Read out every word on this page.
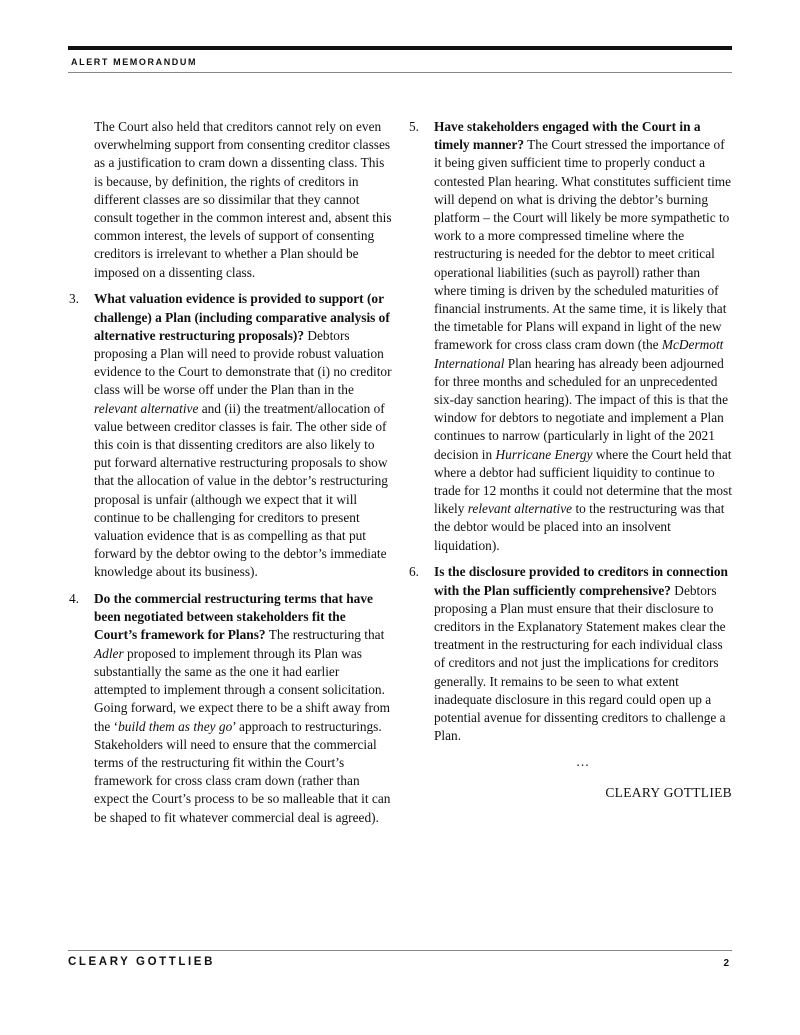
ALERT MEMORANDUM

The Court also held that creditors cannot rely on even overwhelming support from consenting creditor classes as a justification to cram down a dissenting class. This is because, by definition, the rights of creditors in different classes are so dissimilar that they cannot consult together in the common interest and, absent this common interest, the levels of support of consenting creditors is irrelevant to whether a Plan should be imposed on a dissenting class.

3. What valuation evidence is provided to support (or challenge) a Plan (including comparative analysis of alternative restructuring proposals)? Debtors proposing a Plan will need to provide robust valuation evidence to the Court to demonstrate that (i) no creditor class will be worse off under the Plan than in the relevant alternative and (ii) the treatment/allocation of value between creditor classes is fair. The other side of this coin is that dissenting creditors are also likely to put forward alternative restructuring proposals to show that the allocation of value in the debtor’s restructuring proposal is unfair (although we expect that it will continue to be challenging for creditors to present valuation evidence that is as compelling as that put forward by the debtor owing to the debtor’s immediate knowledge about its business).

4. Do the commercial restructuring terms that have been negotiated between stakeholders fit the Court’s framework for Plans? The restructuring that Adler proposed to implement through its Plan was substantially the same as the one it had earlier attempted to implement through a consent solicitation. Going forward, we expect there to be a shift away from the ‘build them as they go’ approach to restructurings. Stakeholders will need to ensure that the commercial terms of the restructuring fit within the Court’s framework for cross class cram down (rather than expect the Court’s process to be so malleable that it can be shaped to fit whatever commercial deal is agreed).

5. Have stakeholders engaged with the Court in a timely manner? The Court stressed the importance of it being given sufficient time to properly conduct a contested Plan hearing. What constitutes sufficient time will depend on what is driving the debtor’s burning platform – the Court will likely be more sympathetic to work to a more compressed timeline where the restructuring is needed for the debtor to meet critical operational liabilities (such as payroll) rather than where timing is driven by the scheduled maturities of financial instruments. At the same time, it is likely that the timetable for Plans will expand in light of the new framework for cross class cram down (the McDermott International Plan hearing has already been adjourned for three months and scheduled for an unprecedented six-day sanction hearing). The impact of this is that the window for debtors to negotiate and implement a Plan continues to narrow (particularly in light of the 2021 decision in Hurricane Energy where the Court held that where a debtor had sufficient liquidity to continue to trade for 12 months it could not determine that the most likely relevant alternative to the restructuring was that the debtor would be placed into an insolvent liquidation).

6. Is the disclosure provided to creditors in connection with the Plan sufficiently comprehensive? Debtors proposing a Plan must ensure that their disclosure to creditors in the Explanatory Statement makes clear the treatment in the restructuring for each individual class of creditors and not just the implications for creditors generally. It remains to be seen to what extent inadequate disclosure in this regard could open up a potential avenue for dissenting creditors to challenge a Plan.

…
CLEARY GOTTLIEB
CLEARY GOTTLIEB	2
